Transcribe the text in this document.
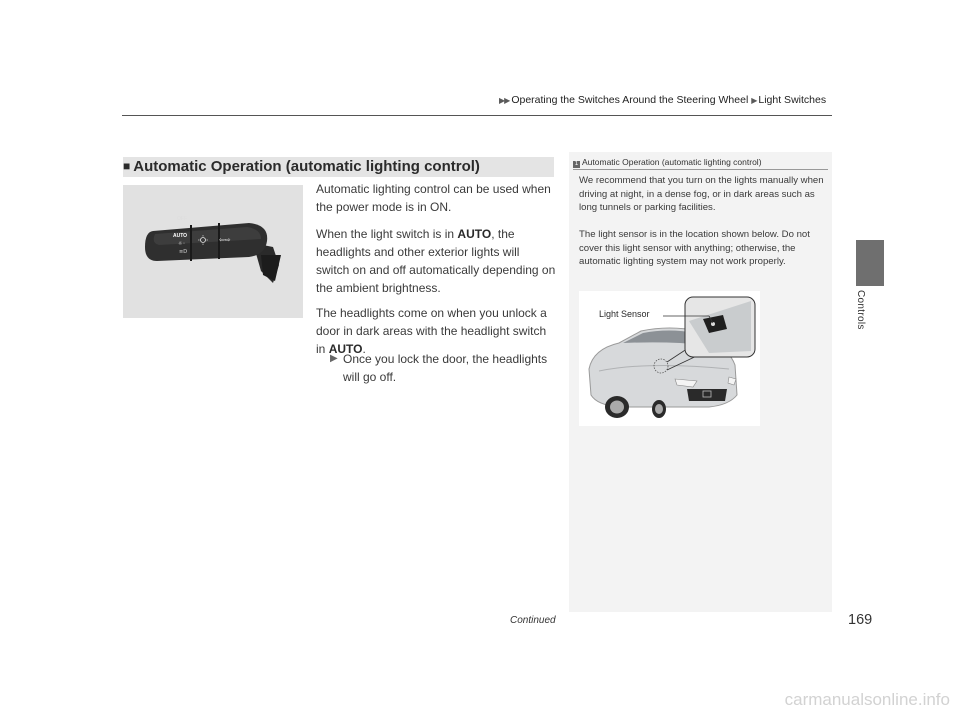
▶▶ Operating the Switches Around the Steering Wheel ▶ Light Switches
Controls
■ Automatic Operation (automatic lighting control)
OFF
AUTO
☼◦
≡D
⇦⇨
Automatic lighting control can be used when the power mode is in ON.
When the light switch is in AUTO, the headlights and other exterior lights will switch on and off automatically depending on the ambient brightness.
The headlights come on when you unlock a door in dark areas with the headlight switch in AUTO.
▶ Once you lock the door, the headlights will go off.
1 Automatic Operation (automatic lighting control)
We recommend that you turn on the lights manually when driving at night, in a dense fog, or in dark areas such as long tunnels or parking facilities.
The light sensor is in the location shown below. Do not cover this light sensor with anything; otherwise, the automatic lighting system may not work properly.
Light Sensor
Continued	169
carmanualsonline.info
